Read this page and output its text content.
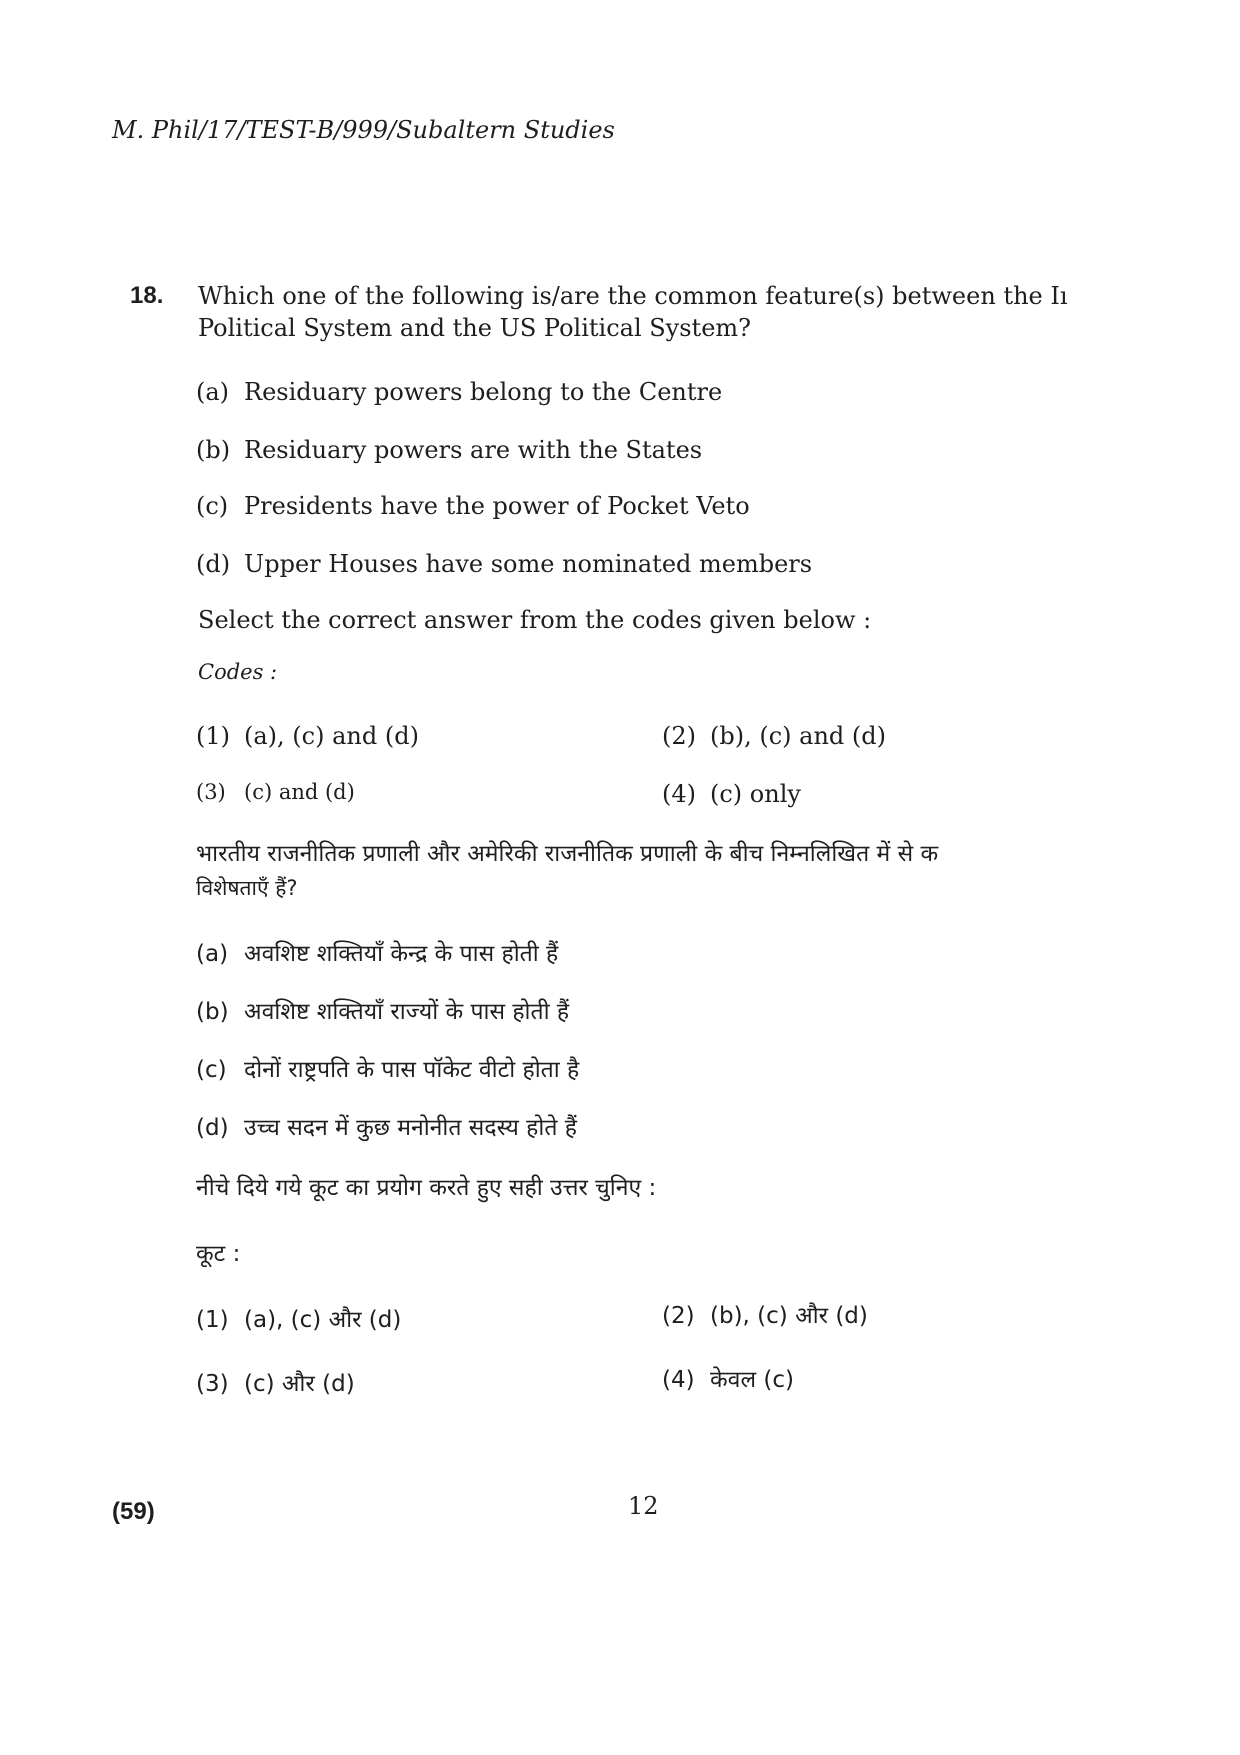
M. Phil/17/TEST-B/999/Subaltern Studies
18. Which one of the following is/are the common feature(s) between the Iı
Political System and the US Political System?
(a) Residuary powers belong to the Centre
(b) Residuary powers are with the States
(c) Presidents have the power of Pocket Veto
(d) Upper Houses have some nominated members
Select the correct answer from the codes given below :
Codes :
(1) (a), (c) and (d)	(2) (b), (c) and (d)
(3) (c) and (d)	(4) (c) only
भारतीय राजनीतिक प्रणाली और अमेरिकी राजनीतिक प्रणाली के बीच निम्नलिखित में से क
विशेषताएँ हैं?
(a) अवशिष्ट शक्तियाँ केन्द्र के पास होती हैं
(b) अवशिष्ट शक्तियाँ राज्यों के पास होती हैं
(c) दोनों राष्ट्रपति के पास पॉकेट वीटो होता है
(d) उच्च सदन में कुछ मनोनीत सदस्य होते हैं
नीचे दिये गये कूट का प्रयोग करते हुए सही उत्तर चुनिए :
कूट :
(1) (a), (c) और (d)	(2) (b), (c) और (d)
(3) (c) और (d)	(4) केवल (c)
(59)	12
